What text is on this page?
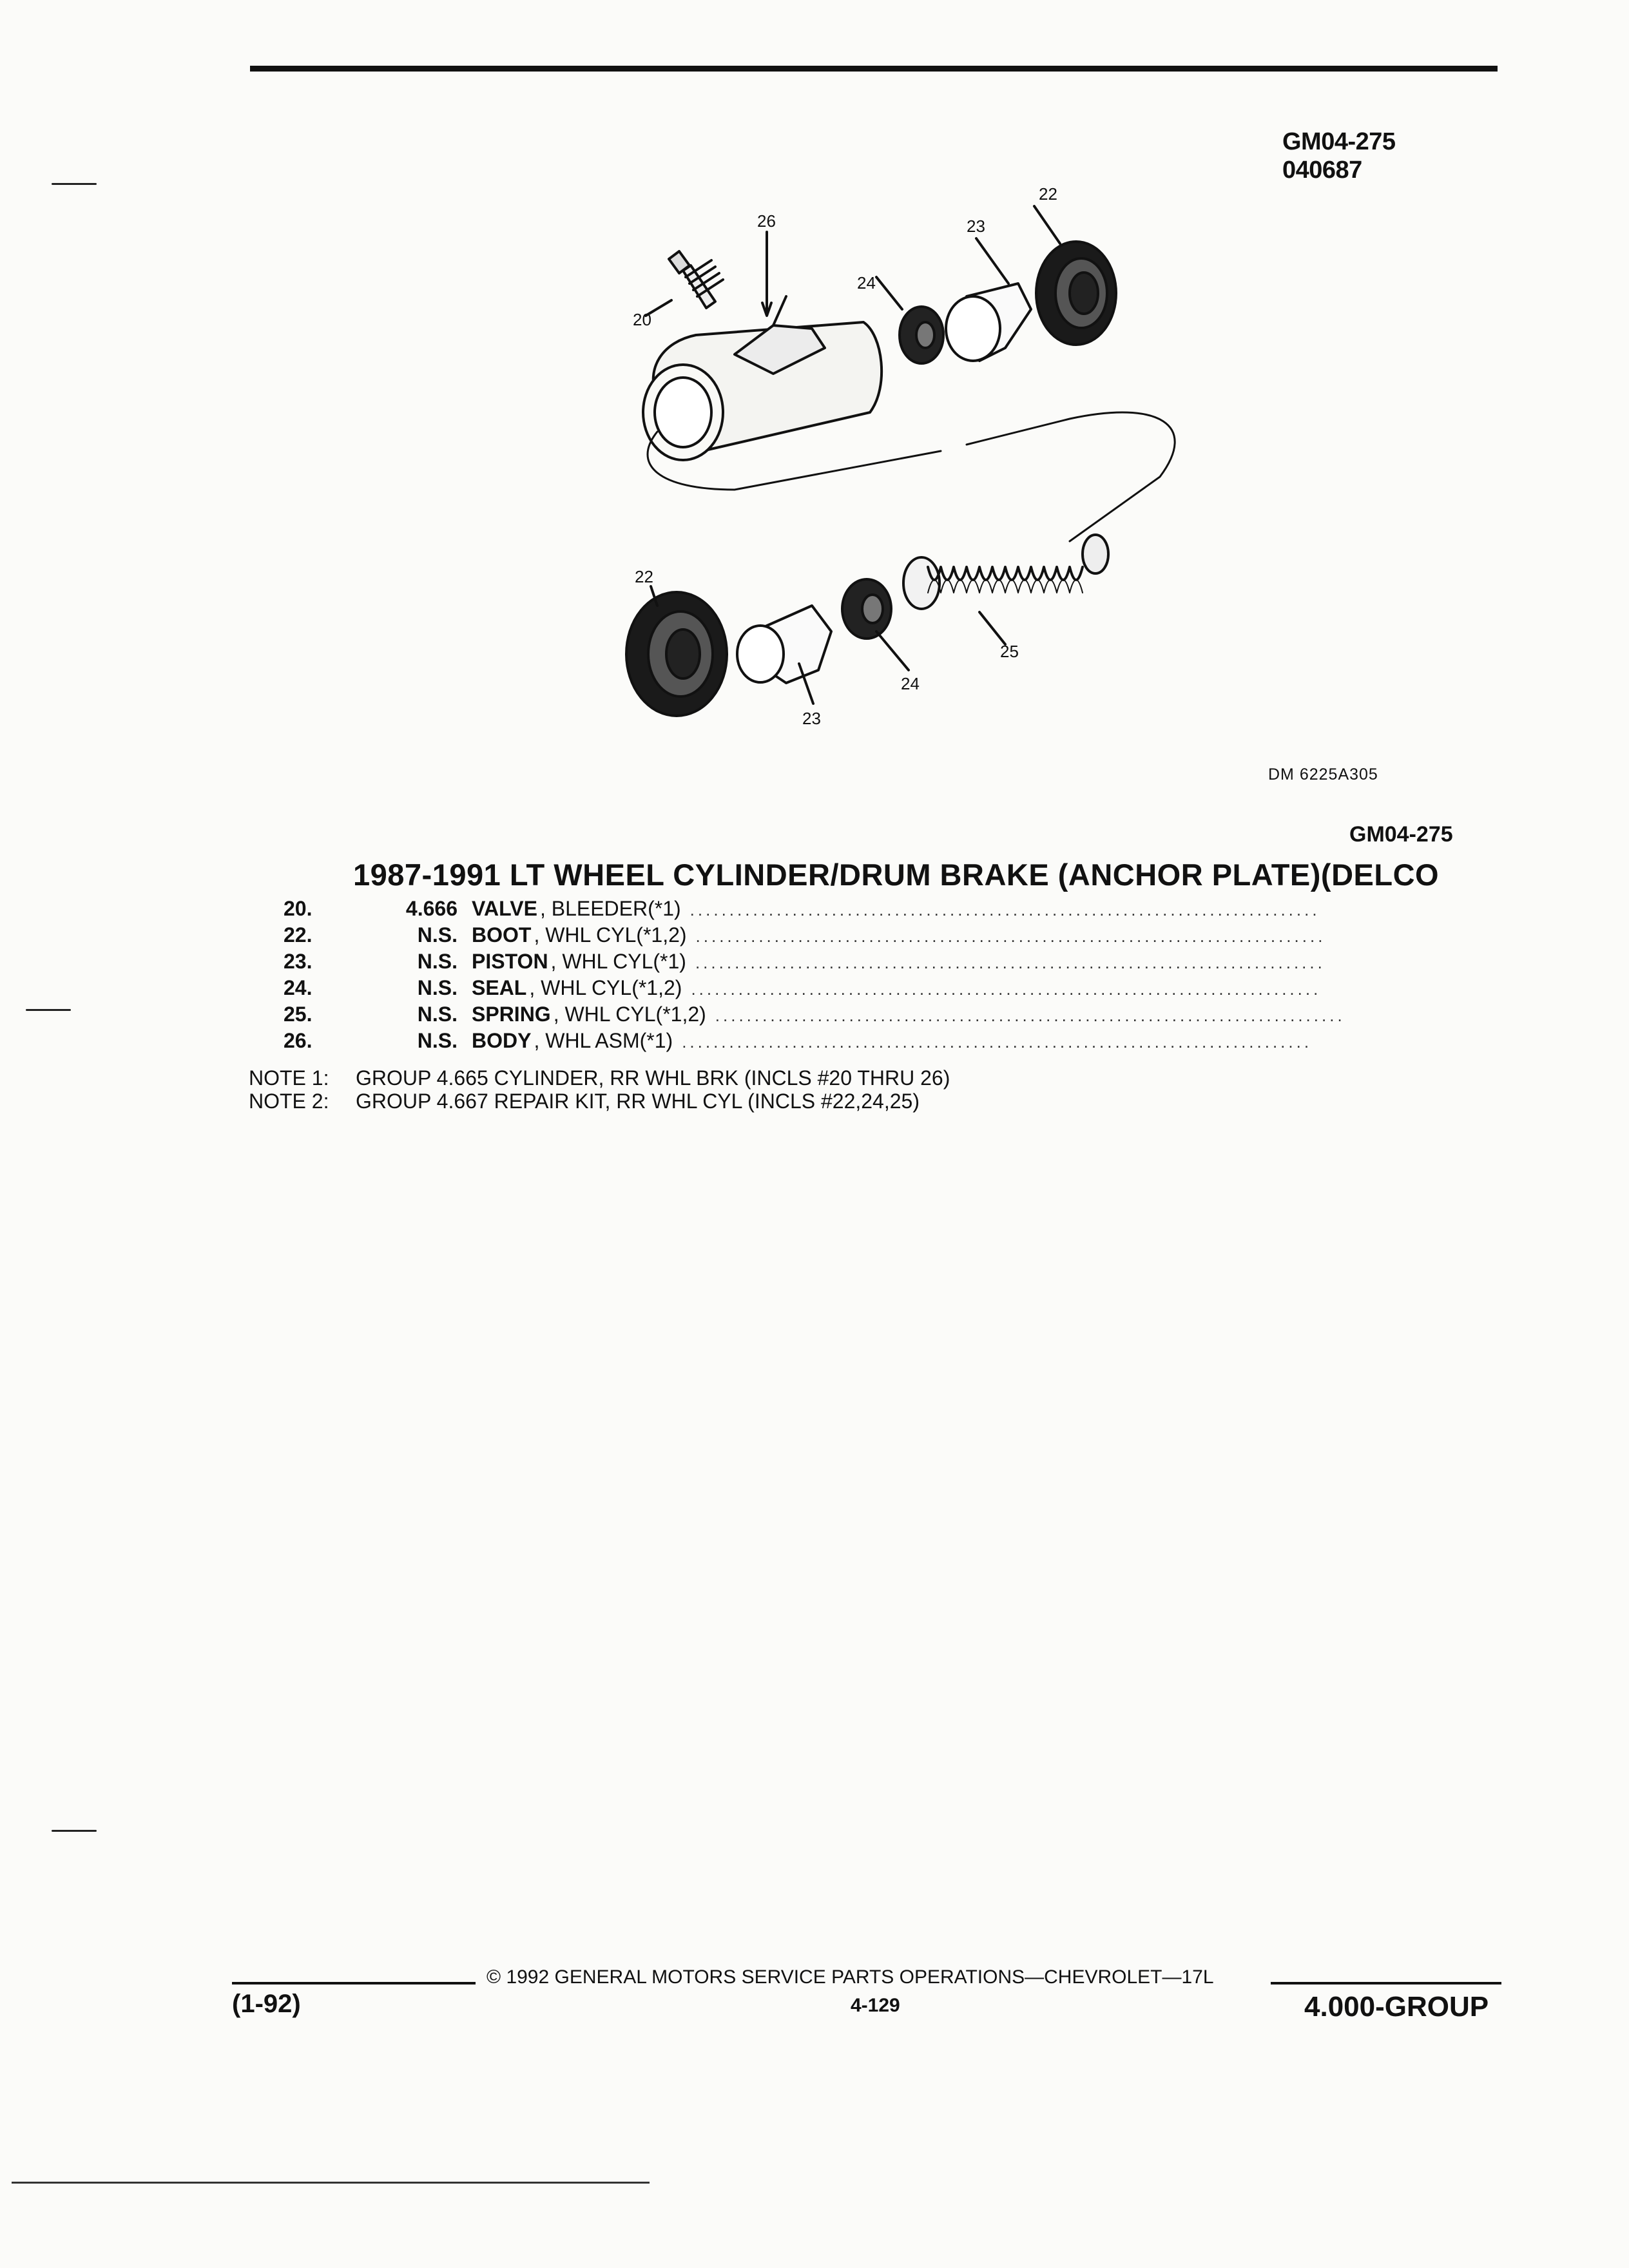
GM04-275
040687
20
22
23
24
25
26
22
23
24
DM 6225A305
GM04-275
1987-1991 LT WHEEL CYLINDER/DRUM BRAKE (ANCHOR PLATE)(DELCO
20.	4.666 VALVE , BLEEDER(*1) ................................................................................
22.	N.S. BOOT , WHL CYL(*1,2) ................................................................................
23.	N.S. PISTON , WHL CYL(*1) ................................................................................
24.	N.S. SEAL , WHL CYL(*1,2) ................................................................................
25.	N.S. SPRING , WHL CYL(*1,2) ................................................................................
26.	N.S. BODY , WHL ASM(*1) ................................................................................
NOTE 1:	GROUP 4.665 CYLINDER, RR WHL BRK (INCLS #20 THRU 26)
NOTE 2:	GROUP 4.667 REPAIR KIT, RR WHL CYL (INCLS #22,24,25)
© 1992 GENERAL MOTORS SERVICE PARTS OPERATIONS—CHEVROLET—17L
(1-92)	4-129	4.000-GROUP
